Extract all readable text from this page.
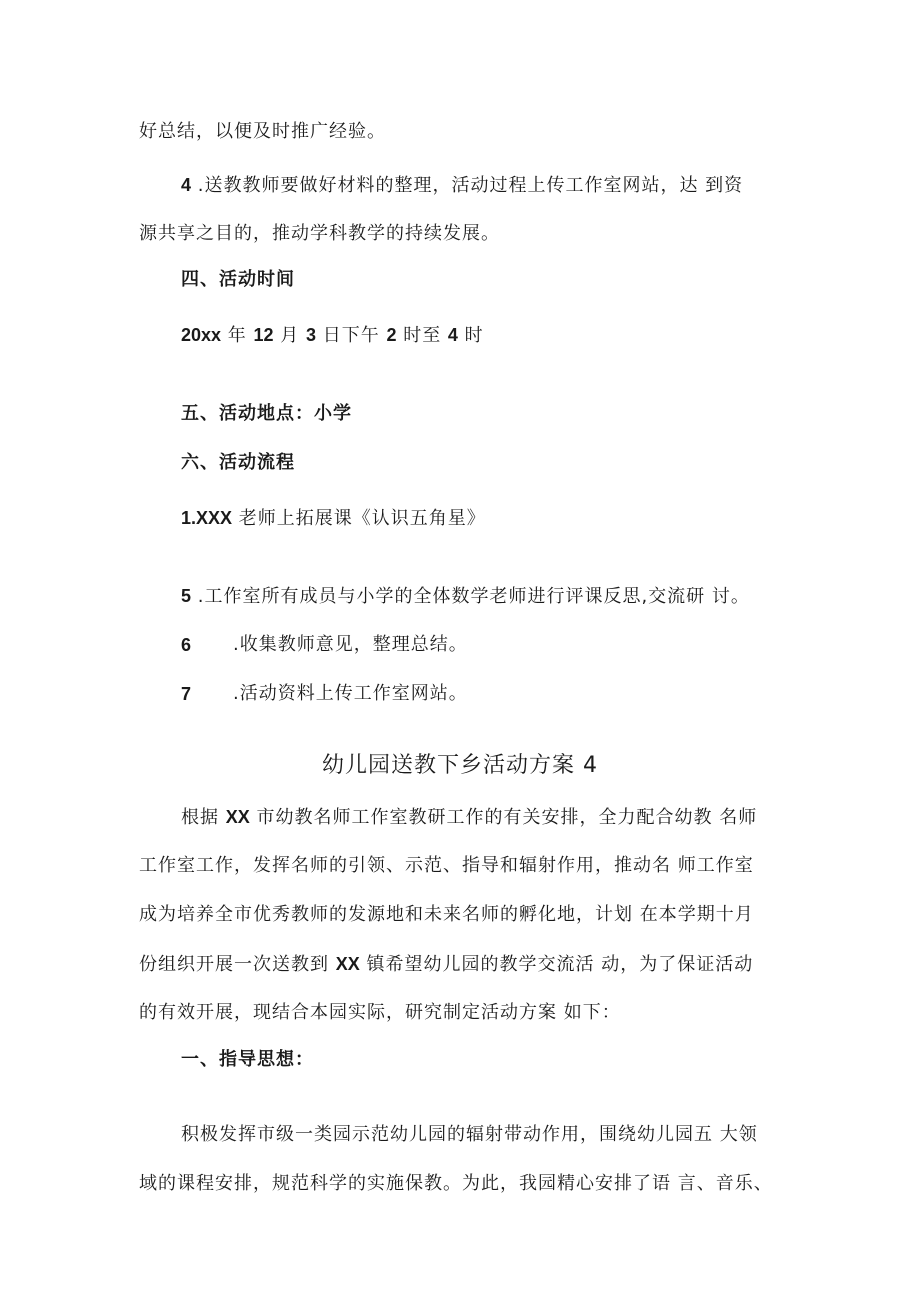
好总结，以便及时推广经验。
4 .送教教师要做好材料的整理，活动过程上传工作室网站，达 到资
源共享之目的，推动学科教学的持续发展。
四、活动时间
20xx 年 12 月 3 日下午 2 时至 4 时
五、活动地点：小学
六、活动流程
1.XXX 老师上拓展课《认识五角星》
5 .工作室所有成员与小学的全体数学老师进行评课反思,交流研 讨。
6 .收集教师意见，整理总结。
7 .活动资料上传工作室网站。
幼儿园送教下乡活动方案 4
根据 XX 市幼教名师工作室教研工作的有关安排，全力配合幼教 名师
工作室工作，发挥名师的引领、示范、指导和辐射作用，推动名 师工作室
成为培养全市优秀教师的发源地和未来名师的孵化地，计划 在本学期十月
份组织开展一次送教到 XX 镇希望幼儿园的教学交流活 动，为了保证活动
的有效开展，现结合本园实际，研究制定活动方案 如下：
一、指导思想：
积极发挥市级一类园示范幼儿园的辐射带动作用，围绕幼儿园五 大领
域的课程安排，规范科学的实施保教。为此，我园精心安排了语 言、音乐、
